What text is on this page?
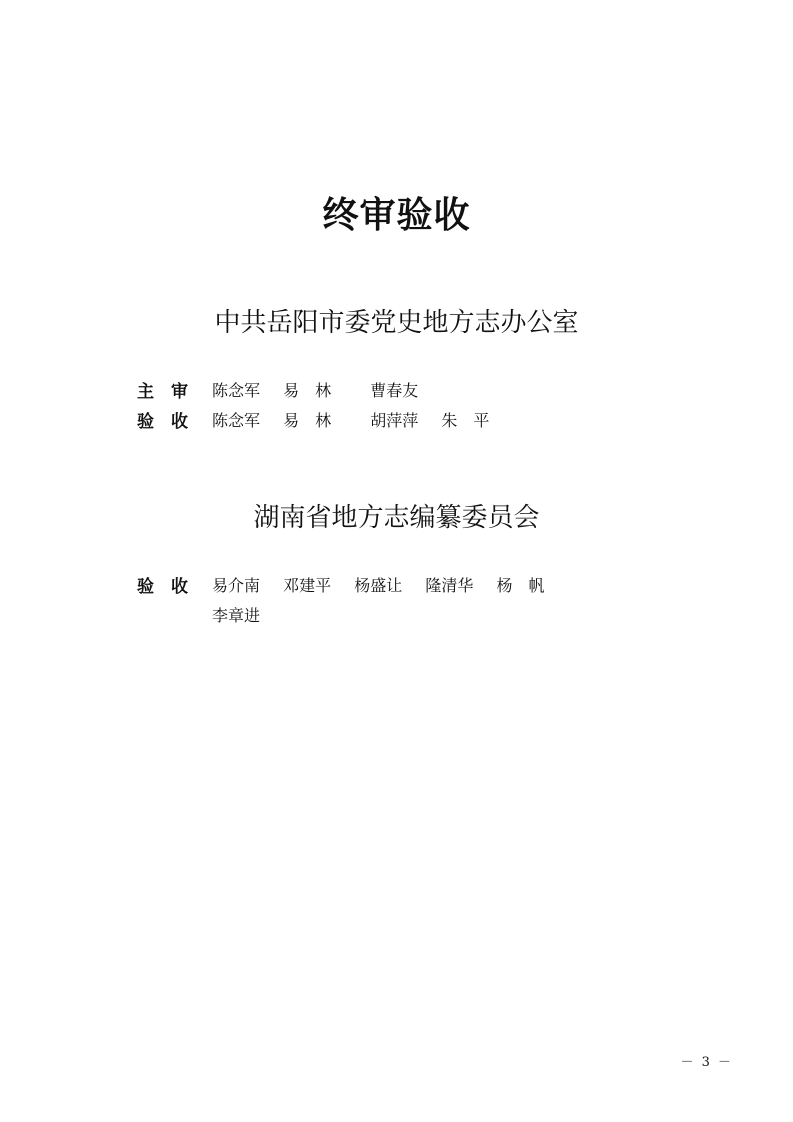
终审验收
中共岳阳市委党史地方志办公室
主　审	陈念军 易林 曹春友
验　收	陈念军 易林 胡萍萍 朱平
湖南省地方志编纂委员会
验　收	易介南 邓建平 杨盛让 隆清华 杨帆
李章进
－ 3 －
